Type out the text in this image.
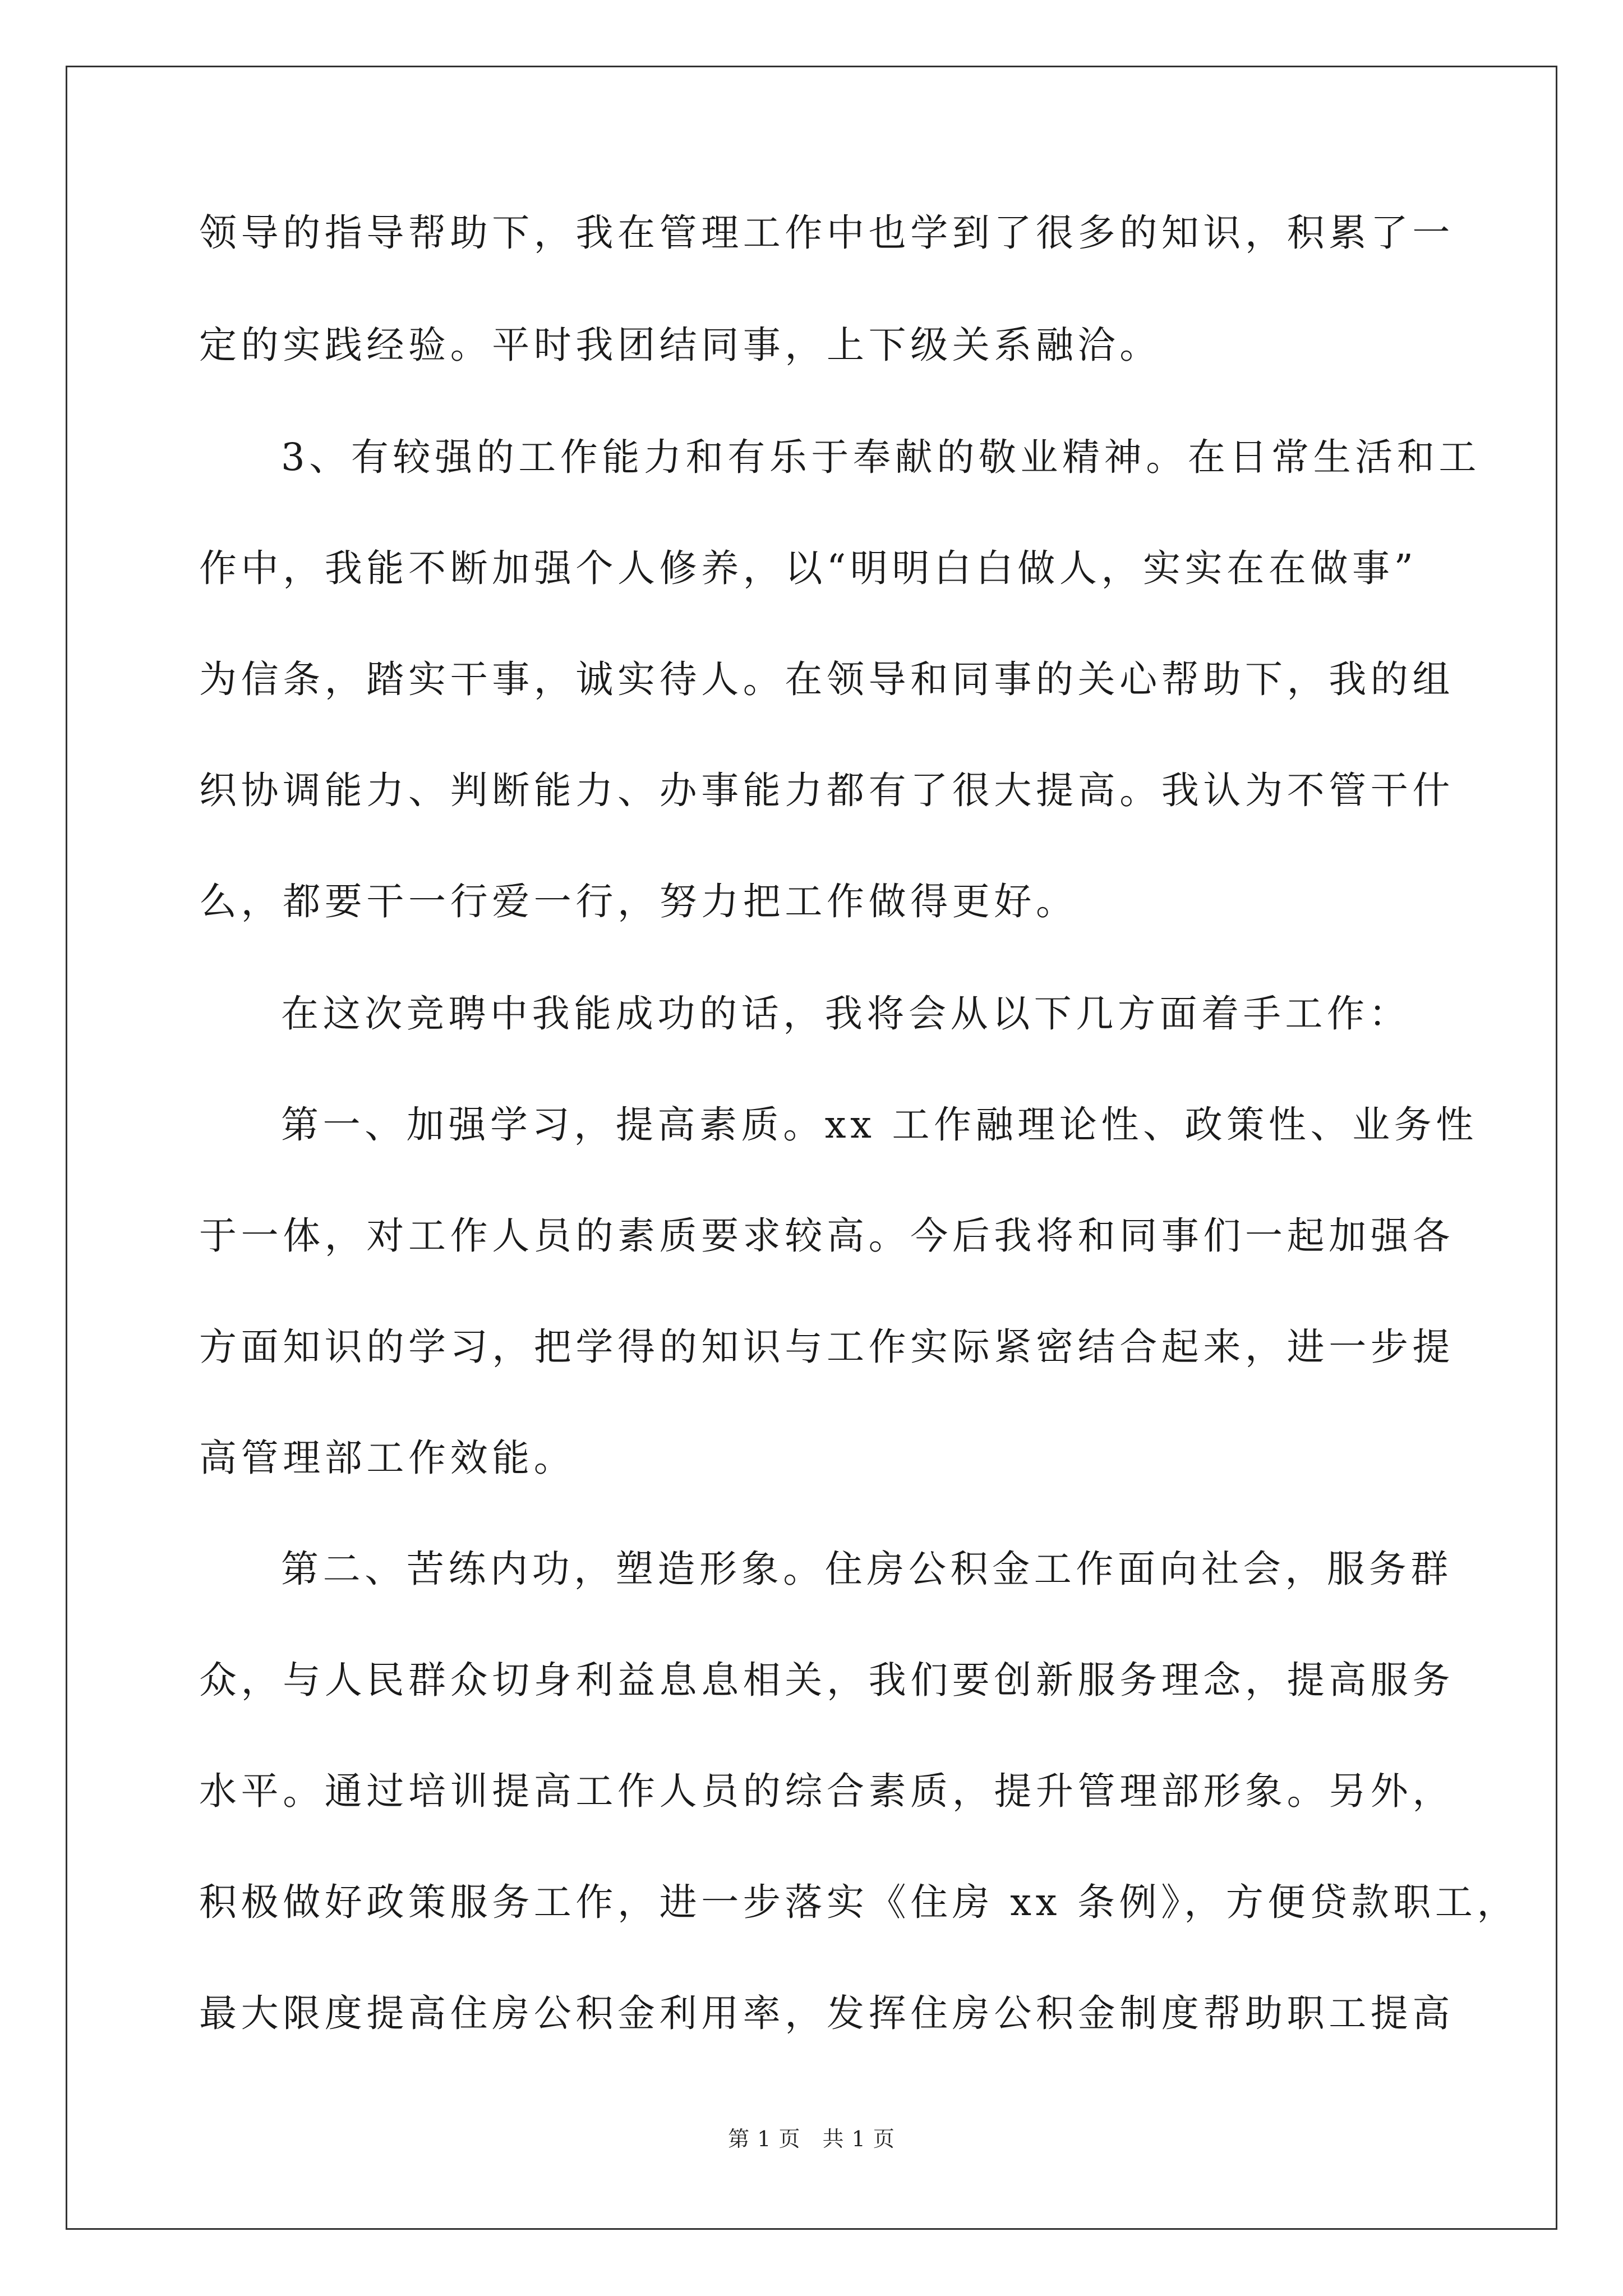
领导的指导帮助下，我在管理工作中也学到了很多的知识，积累了一
定的实践经验。平时我团结同事，上下级关系融洽。
3、有较强的工作能力和有乐于奉献的敬业精神。在日常生活和工
作中，我能不断加强个人修养，以“明明白白做人，实实在在做事”
为信条，踏实干事，诚实待人。在领导和同事的关心帮助下，我的组
织协调能力、判断能力、办事能力都有了很大提高。我认为不管干什
么，都要干一行爱一行，努力把工作做得更好。
在这次竞聘中我能成功的话，我将会从以下几方面着手工作：
第一、加强学习，提高素质。xx 工作融理论性、政策性、业务性
于一体，对工作人员的素质要求较高。今后我将和同事们一起加强各
方面知识的学习，把学得的知识与工作实际紧密结合起来，进一步提
高管理部工作效能。
第二、苦练内功，塑造形象。住房公积金工作面向社会，服务群
众，与人民群众切身利益息息相关，我们要创新服务理念，提高服务
水平。通过培训提高工作人员的综合素质，提升管理部形象。另外，
积极做好政策服务工作，进一步落实《住房 xx 条例》，方便贷款职工，
最大限度提高住房公积金利用率，发挥住房公积金制度帮助职工提高
第 1 页　共 1 页
